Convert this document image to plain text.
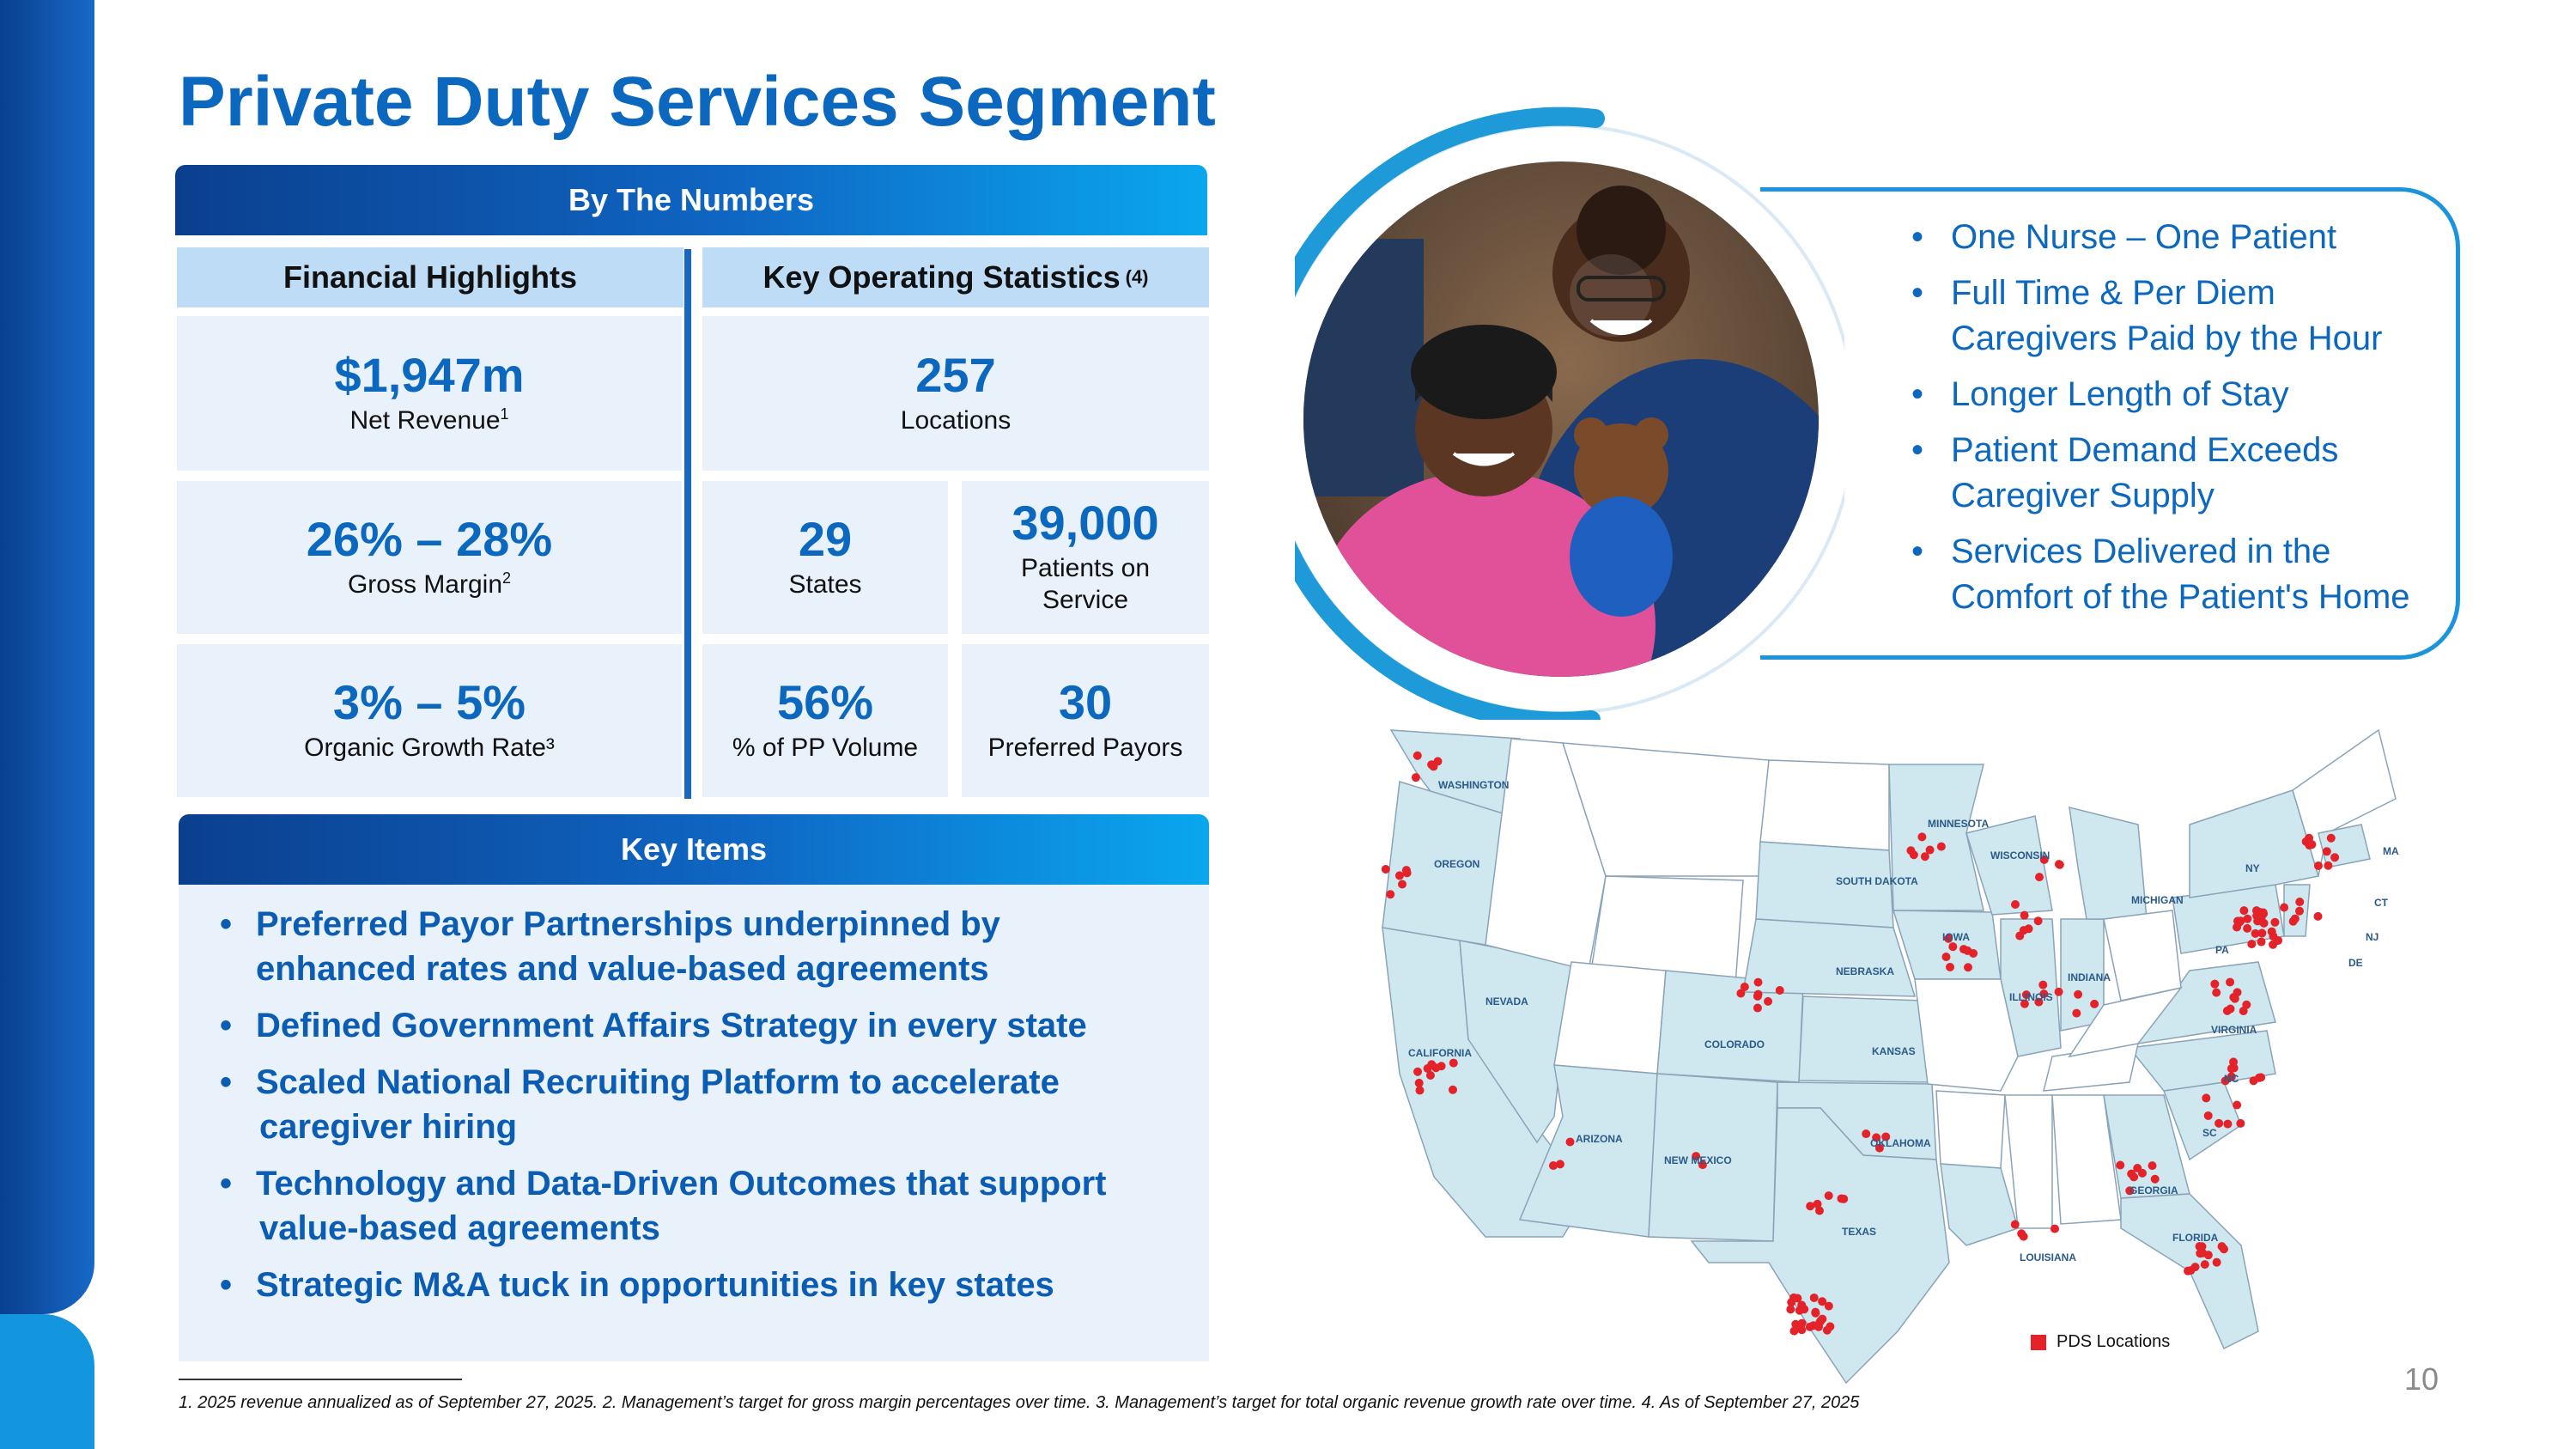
Private Duty Services Segment
By The Numbers
Financial Highlights	Key Operating Statistics (4)
$1,947m
Net Revenue$^1$
26% – 28%
Gross Margin$^2$
3% – 5%
Organic Growth Rate³
257
Locations
29
States
39,000
Patients on
Service
56%
% of PP Volume
30
Preferred Payors
Key Items
• Preferred Payor Partnerships underpinned by
enhanced rates and value-based agreements
• Defined Government Affairs Strategy in every state
• Scaled National Recruiting Platform to accelerate
caregiver hiring
• Technology and Data-Driven Outcomes that support
value-based agreements
• Strategic M&A tuck in opportunities in key states
• One Nurse – One Patient
• Full Time & Per Diem
Caregivers Paid by the Hour
• Longer Length of Stay
• Patient Demand Exceeds
Caregiver Supply
• Services Delivered in the
Comfort of the Patient's Home
WASHINGTON
OREGON
CALIFORNIA
NEVADA
ARIZONA
NEW MEXICO
COLORADO
TEXAS
OKLAHOMA
KANSAS
NEBRASKA
SOUTH DAKOTA
MINNESOTA
IOWA
WISCONSIN
ILLINOIS
MICHIGAN
INDIANA
LOUISIANA
GEORGIA
FLORIDA
SC
NC
VIRGINIA
PA
NY
MA
CT
NJ
DE
PDS Locations
1. 2025 revenue annualized as of September 27, 2025. 2. Management’s target for gross margin percentages over time. 3. Management’s target for total organic revenue growth rate over time. 4. As of September 27, 2025
10
